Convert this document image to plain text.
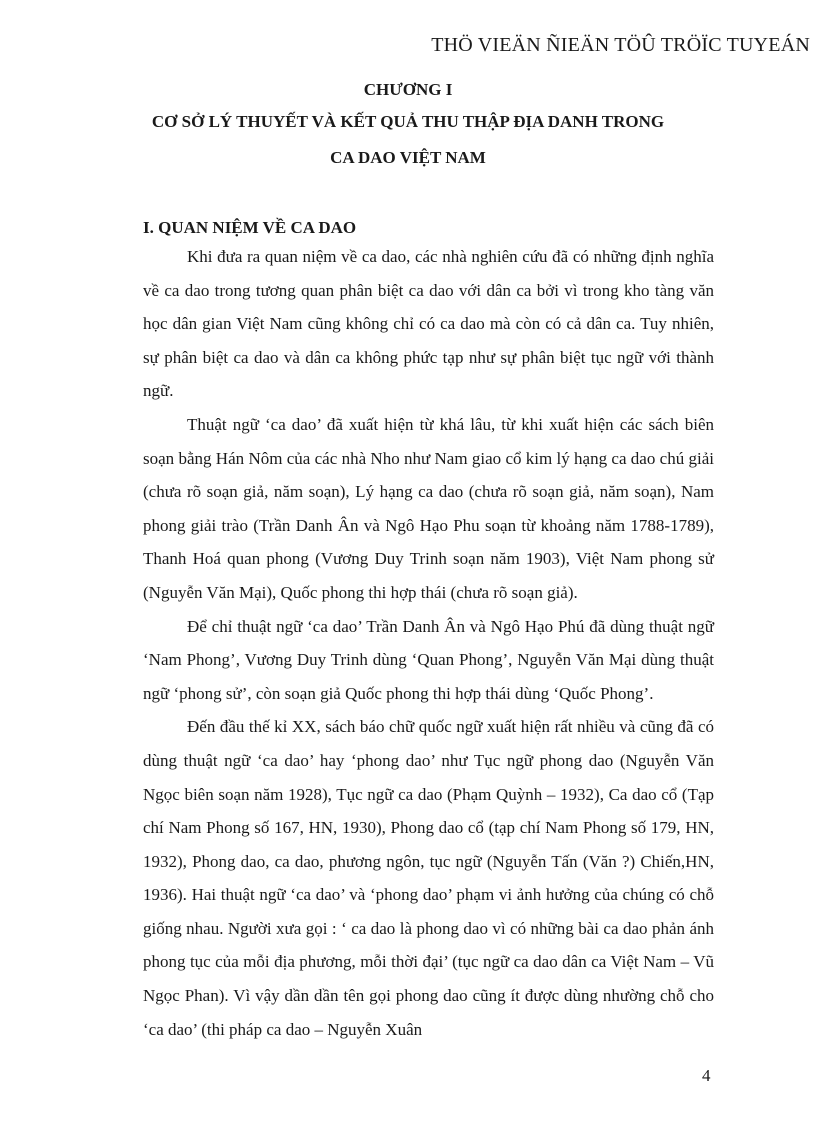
THÖ VIEÄN ÑIEÄN TÖÛ TRÖÏC TUYEÁN
CHƯƠNG I
CƠ SỞ LÝ THUYẾT VÀ KẾT QUẢ THU THẬP ĐỊA DANH TRONG
CA DAO VIỆT NAM
I. QUAN NIỆM VỀ CA DAO

Khi đưa ra quan niệm về ca dao, các nhà nghiên cứu đã có những định nghĩa về ca dao trong tương quan phân biệt ca dao với dân ca bởi vì trong kho tàng văn học dân gian Việt Nam cũng không chỉ có ca dao mà còn có cả dân ca. Tuy nhiên, sự phân biệt ca dao và dân ca không phức tạp như sự phân biệt tục ngữ với thành ngữ.

Thuật ngữ ‘ca dao’ đã xuất hiện từ khá lâu, từ khi xuất hiện các sách biên soạn bằng Hán Nôm của các nhà Nho như Nam giao cổ kim lý hạng ca dao chú giải (chưa rõ soạn giả, năm soạn), Lý hạng ca dao (chưa rõ soạn giả, năm soạn), Nam phong giải trào (Trần Danh Ân và Ngô Hạo Phu soạn từ khoảng năm 1788-1789), Thanh Hoá quan phong (Vương Duy Trinh soạn năm 1903), Việt Nam phong sử (Nguyễn Văn Mại), Quốc phong thi hợp thái (chưa rõ soạn giả).

Để chỉ thuật ngữ ‘ca dao’ Trần Danh Ân và Ngô Hạo Phú đã dùng thuật ngữ ‘Nam Phong’, Vương Duy Trinh dùng ‘Quan Phong’, Nguyễn Văn Mại dùng thuật ngữ ‘phong sử’, còn soạn giả Quốc phong thi hợp thái dùng ‘Quốc Phong’.

Đến đầu thế kỉ XX, sách báo chữ quốc ngữ xuất hiện rất nhiều và cũng đã có dùng thuật ngữ ‘ca dao’ hay ‘phong dao’ như Tục ngữ phong dao (Nguyễn Văn Ngọc biên soạn năm 1928), Tục ngữ ca dao (Phạm Quỳnh – 1932), Ca dao cổ (Tạp chí Nam Phong số 167, HN, 1930), Phong dao cổ (tạp chí Nam Phong số 179, HN, 1932), Phong dao, ca dao, phương ngôn, tục ngữ (Nguyễn Tấn (Văn ?) Chiến,HN, 1936). Hai thuật ngữ ‘ca dao’ và ‘phong dao’ phạm vi ảnh hưởng của chúng có chỗ giống nhau. Người xưa gọi : ‘ ca dao là phong dao vì có những bài ca dao phản ánh phong tục của mỗi địa phương, mỗi thời đại’ (tục ngữ ca dao dân ca Việt Nam – Vũ Ngọc Phan). Vì vậy dần dần tên gọi phong dao cũng ít được dùng nhường chỗ cho ‘ca dao’ (thi pháp ca dao – Nguyễn Xuân

4
